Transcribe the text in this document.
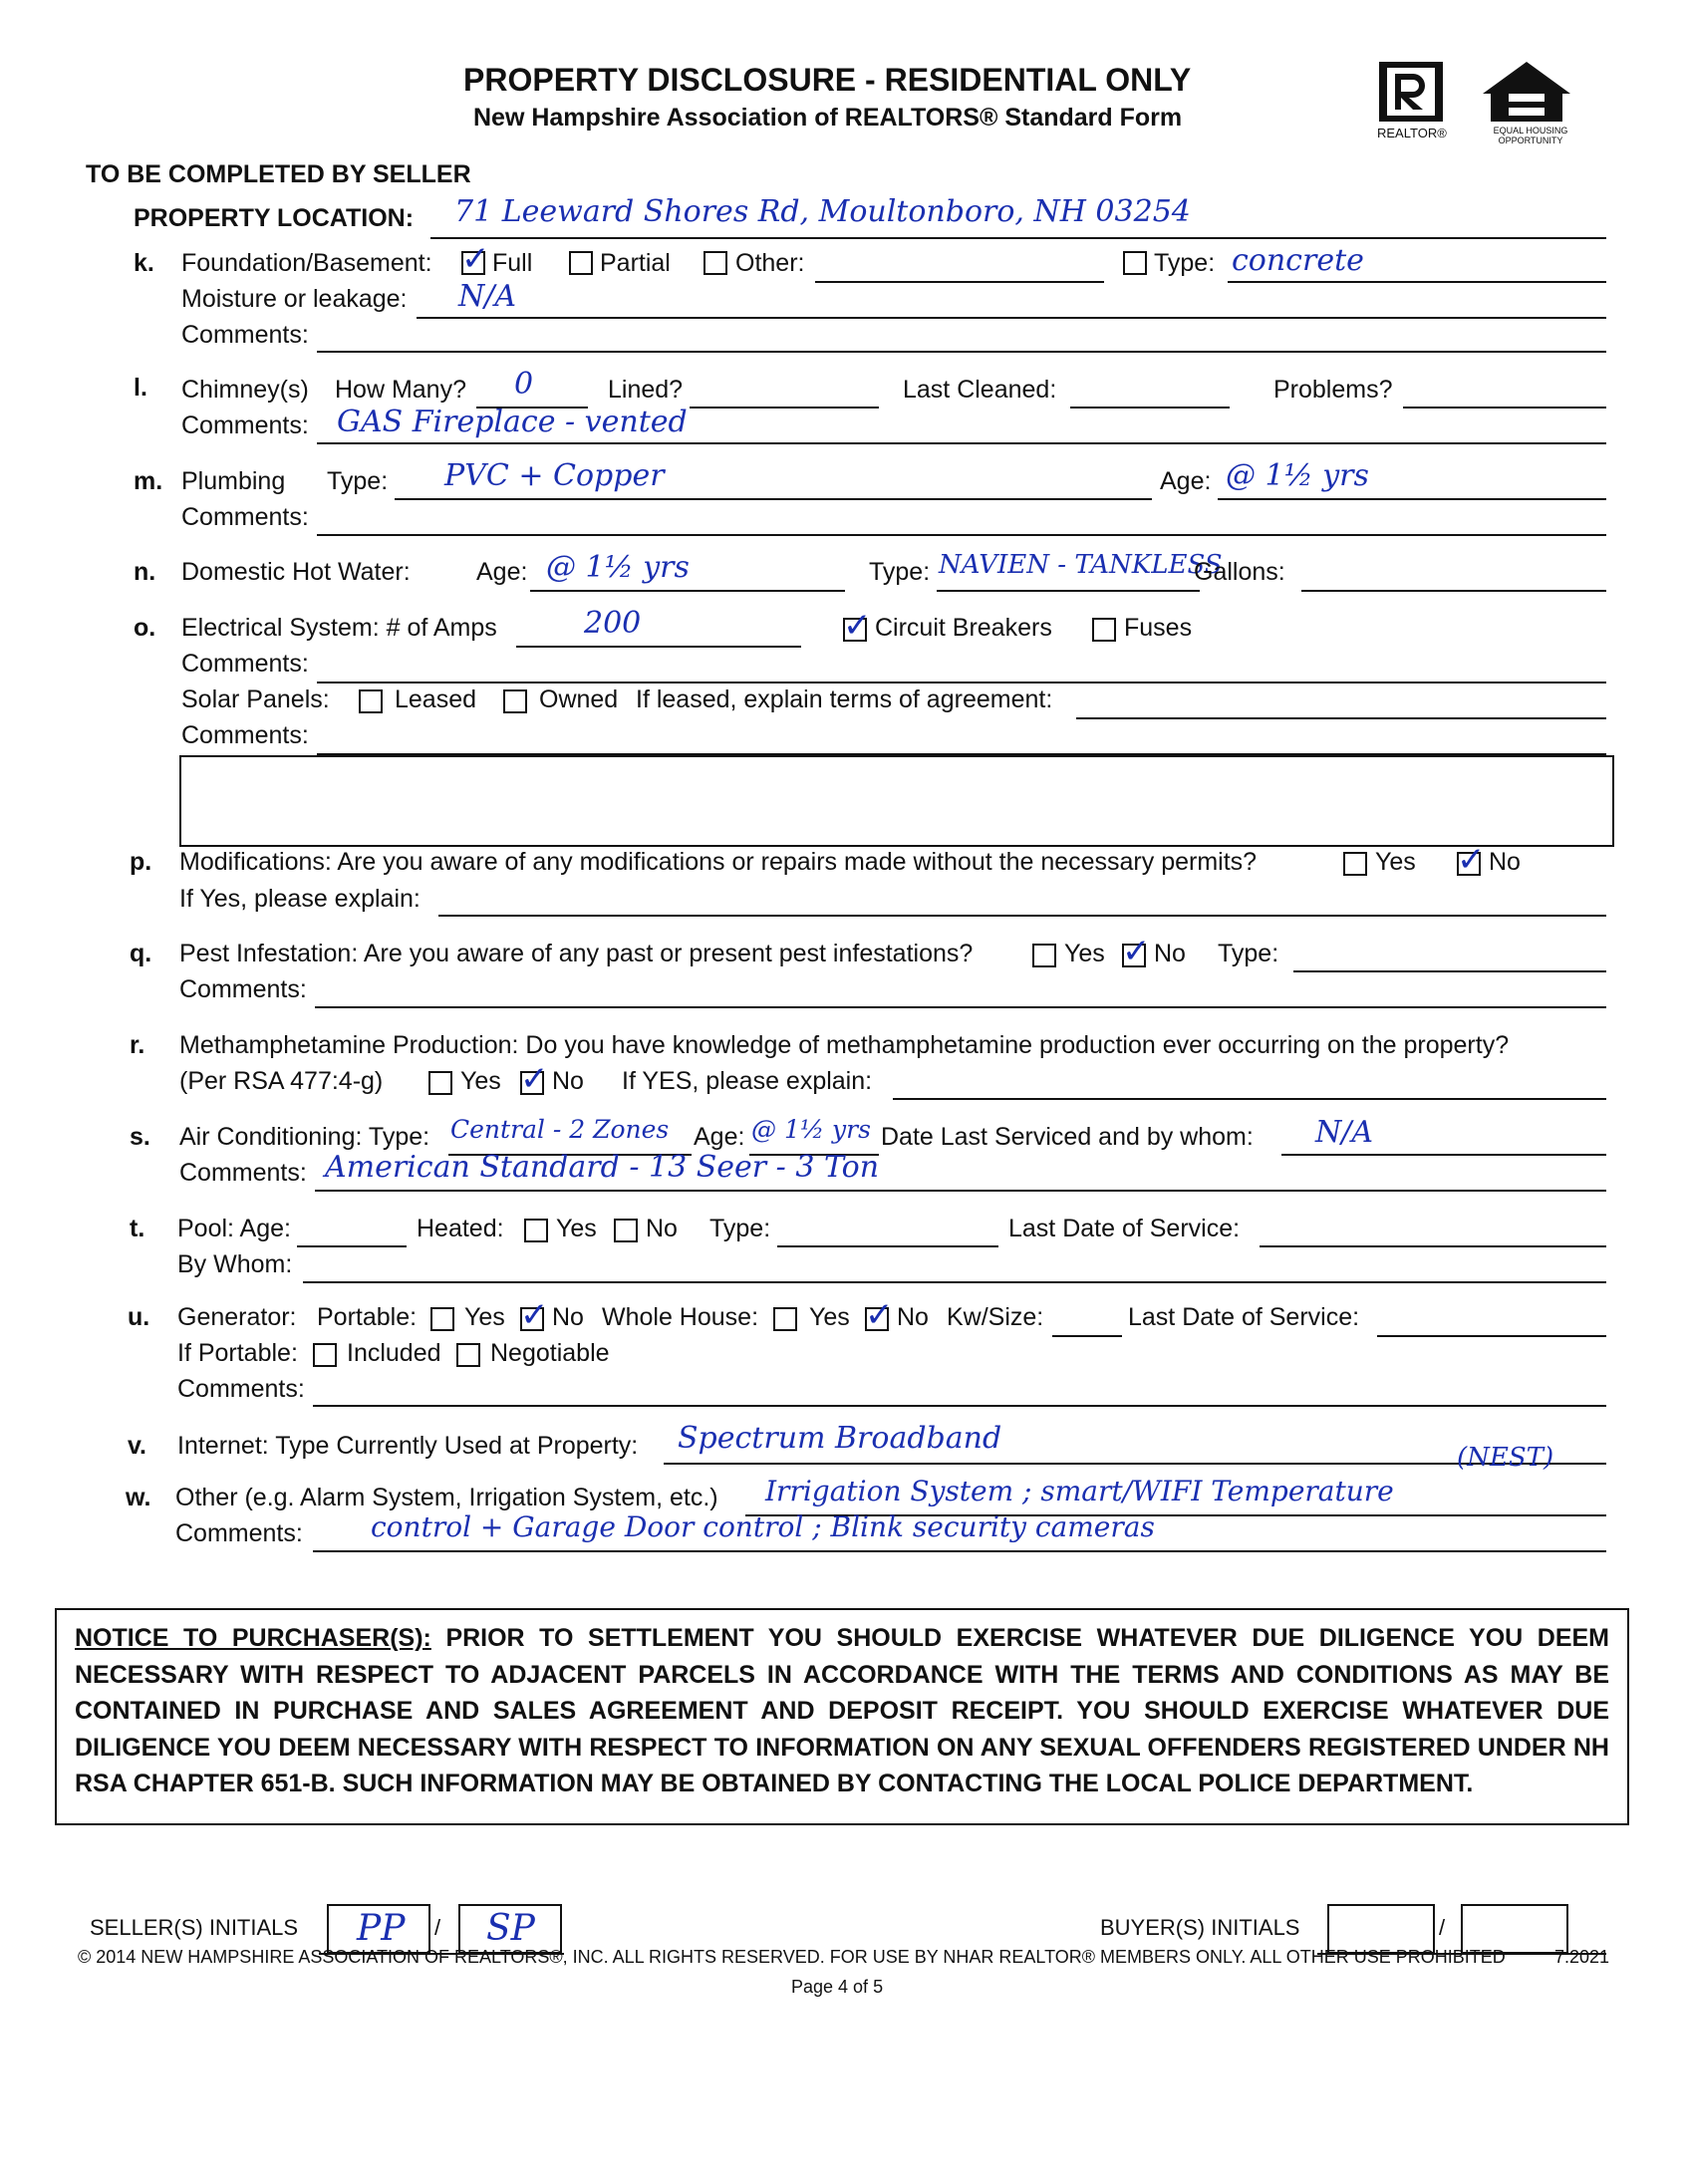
PROPERTY DISCLOSURE - RESIDENTIAL ONLY
New Hampshire Association of REALTORS® Standard Form
REALTOR®	EQUAL HOUSING OPPORTUNITY
TO BE COMPLETED BY SELLER
PROPERTY LOCATION: 71 Leeward Shores Rd, Moultonboro, NH 03254
k. Foundation/Basement: ✓ Full	Partial	Other:	Type: concrete
Moisture or leakage: N/A
Comments:
l. Chimney(s) How Many? 0	Lined?	Last Cleaned:	Problems?
Comments: GAS Fireplace - vented
m. Plumbing Type: PVC + Copper	Age: @ 1½ yrs
Comments:
n. Domestic Hot Water:	Age: @ 1½ yrs	Type: NAVIEN - TANKLESS
Gallons:
o. Electrical System: # of Amps	200	✓ Circuit Breakers	Fuses
Comments:
Solar Panels:	Leased	Owned If leased, explain terms of agreement:
Comments:
p. Modifications: Are you aware of any modifications or repairs made without the necessary permits?	Yes ✓ No
If Yes, please explain:
q. Pest Infestation: Are you aware of any past or present pest infestations?	Yes ✓ No Type:
Comments:
r. Methamphetamine Production: Do you have knowledge of methamphetamine production ever occurring on the property?
(Per RSA 477:4-g)	Yes ✓ No If YES, please explain:
s. Air Conditioning: Type: Central - 2 Zones Age: @ 1½ yrs Date Last Serviced and by whom: N/A
Comments: American Standard - 13 Seer - 3 Ton
t. Pool: Age:	Heated: Yes No Type:	Last Date of Service:
By Whom:
u. Generator: Portable: Yes ✓ No Whole House: Yes ✓ No Kw/Size:	Last Date of Service:
If Portable: Included Negotiable
Comments:
v. Internet: Type Currently Used at Property: Spectrum Broadband
w. Other (e.g. Alarm System, Irrigation System, etc.)
(NEST)
Irrigation System ; smart/WIFI Temperature
Comments: control + Garage Door control ; Blink security cameras
NOTICE TO PURCHASER(S): PRIOR TO SETTLEMENT YOU SHOULD EXERCISE WHATEVER DUE DILIGENCE YOU DEEM NECESSARY WITH RESPECT TO ADJACENT PARCELS IN ACCORDANCE WITH THE TERMS AND CONDITIONS AS MAY BE CONTAINED IN PURCHASE AND SALES AGREEMENT AND DEPOSIT RECEIPT. YOU SHOULD EXERCISE WHATEVER DUE DILIGENCE YOU DEEM NECESSARY WITH RESPECT TO INFORMATION ON ANY SEXUAL OFFENDERS REGISTERED UNDER NH RSA CHAPTER 651-B. SUCH INFORMATION MAY BE OBTAINED BY CONTACTING THE LOCAL POLICE DEPARTMENT.
SELLER(S) INITIALS PP / SP	BUYER(S) INITIALS	/
© 2014 NEW HAMPSHIRE ASSOCIATION OF REALTORS®, INC. ALL RIGHTS RESERVED. FOR USE BY NHAR REALTOR® MEMBERS ONLY. ALL OTHER USE PROHIBITED	7.2021
Page 4 of 5
